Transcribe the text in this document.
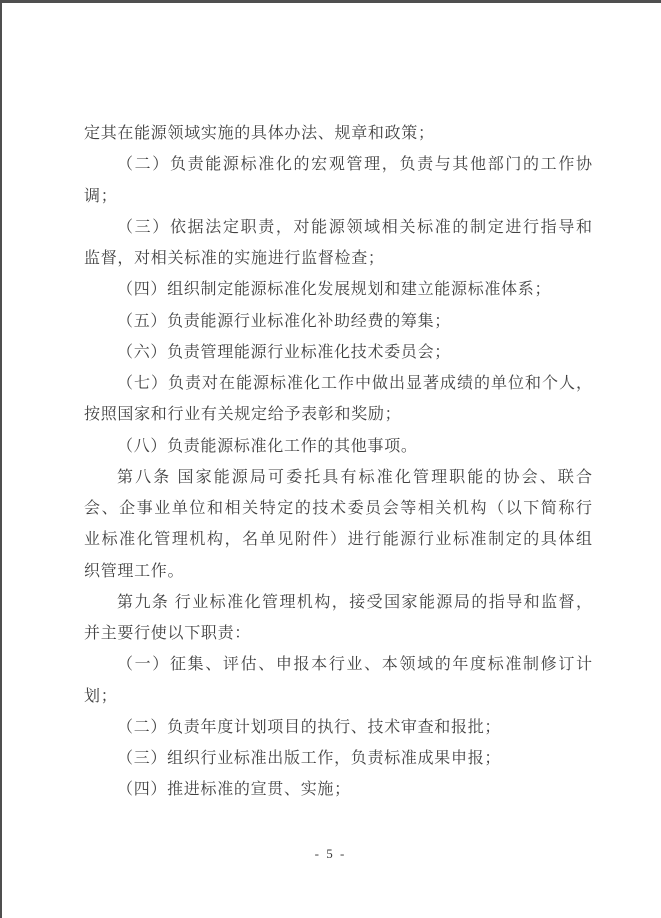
定其在能源领域实施的具体办法、规章和政策；
（二）负责能源标准化的宏观管理，负责与其他部门的工作协
调；
（三）依据法定职责，对能源领域相关标准的制定进行指导和
监督，对相关标准的实施进行监督检查；
（四）组织制定能源标准化发展规划和建立能源标准体系；
（五）负责能源行业标准化补助经费的筹集；
（六）负责管理能源行业标准化技术委员会；
（七）负责对在能源标准化工作中做出显著成绩的单位和个人，
按照国家和行业有关规定给予表彰和奖励；
（八）负责能源标准化工作的其他事项。
第八条 国家能源局可委托具有标准化管理职能的协会、联合
会、企事业单位和相关特定的技术委员会等相关机构（以下简称行
业标准化管理机构，名单见附件）进行能源行业标准制定的具体组
织管理工作。
第九条 行业标准化管理机构，接受国家能源局的指导和监督，
并主要行使以下职责：
（一）征集、评估、申报本行业、本领域的年度标准制修订计
划；
（二）负责年度计划项目的执行、技术审查和报批；
（三）组织行业标准出版工作，负责标准成果申报；
（四）推进标准的宣贯、实施；
- 5 -
